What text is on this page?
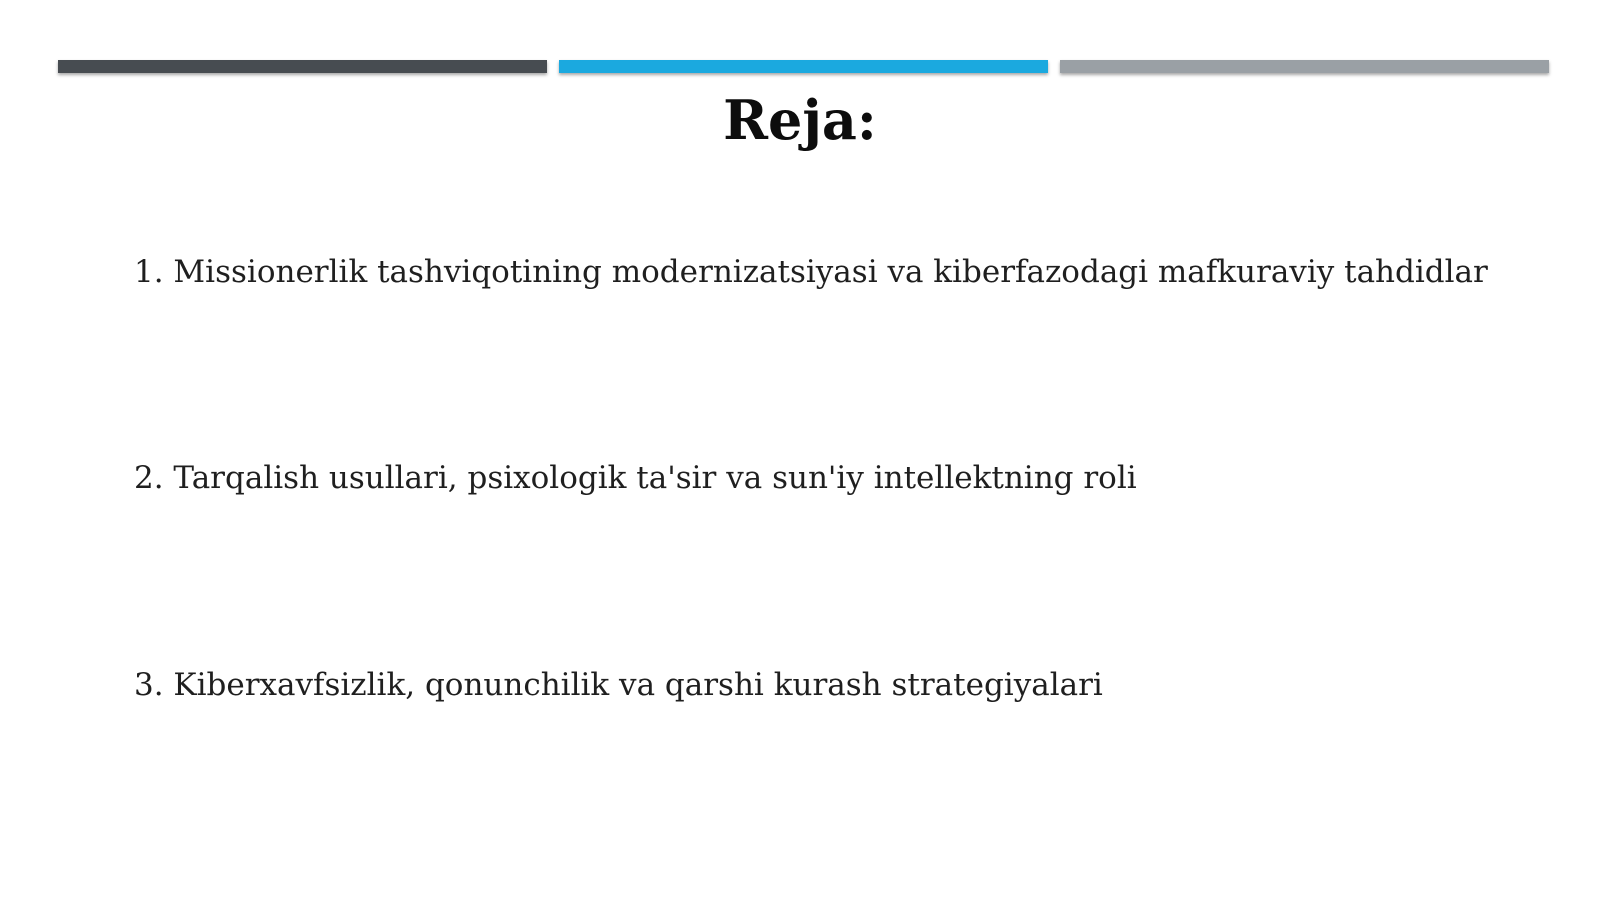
Reja:

1. Missionerlik tashviqotining modernizatsiyasi va kiberfazodagi mafkuraviy tahdidlar

2. Tarqalish usullari, psixologik ta'sir va sun'iy intellektning roli

3. Kiberxavfsizlik, qonunchilik va qarshi kurash strategiyalari
